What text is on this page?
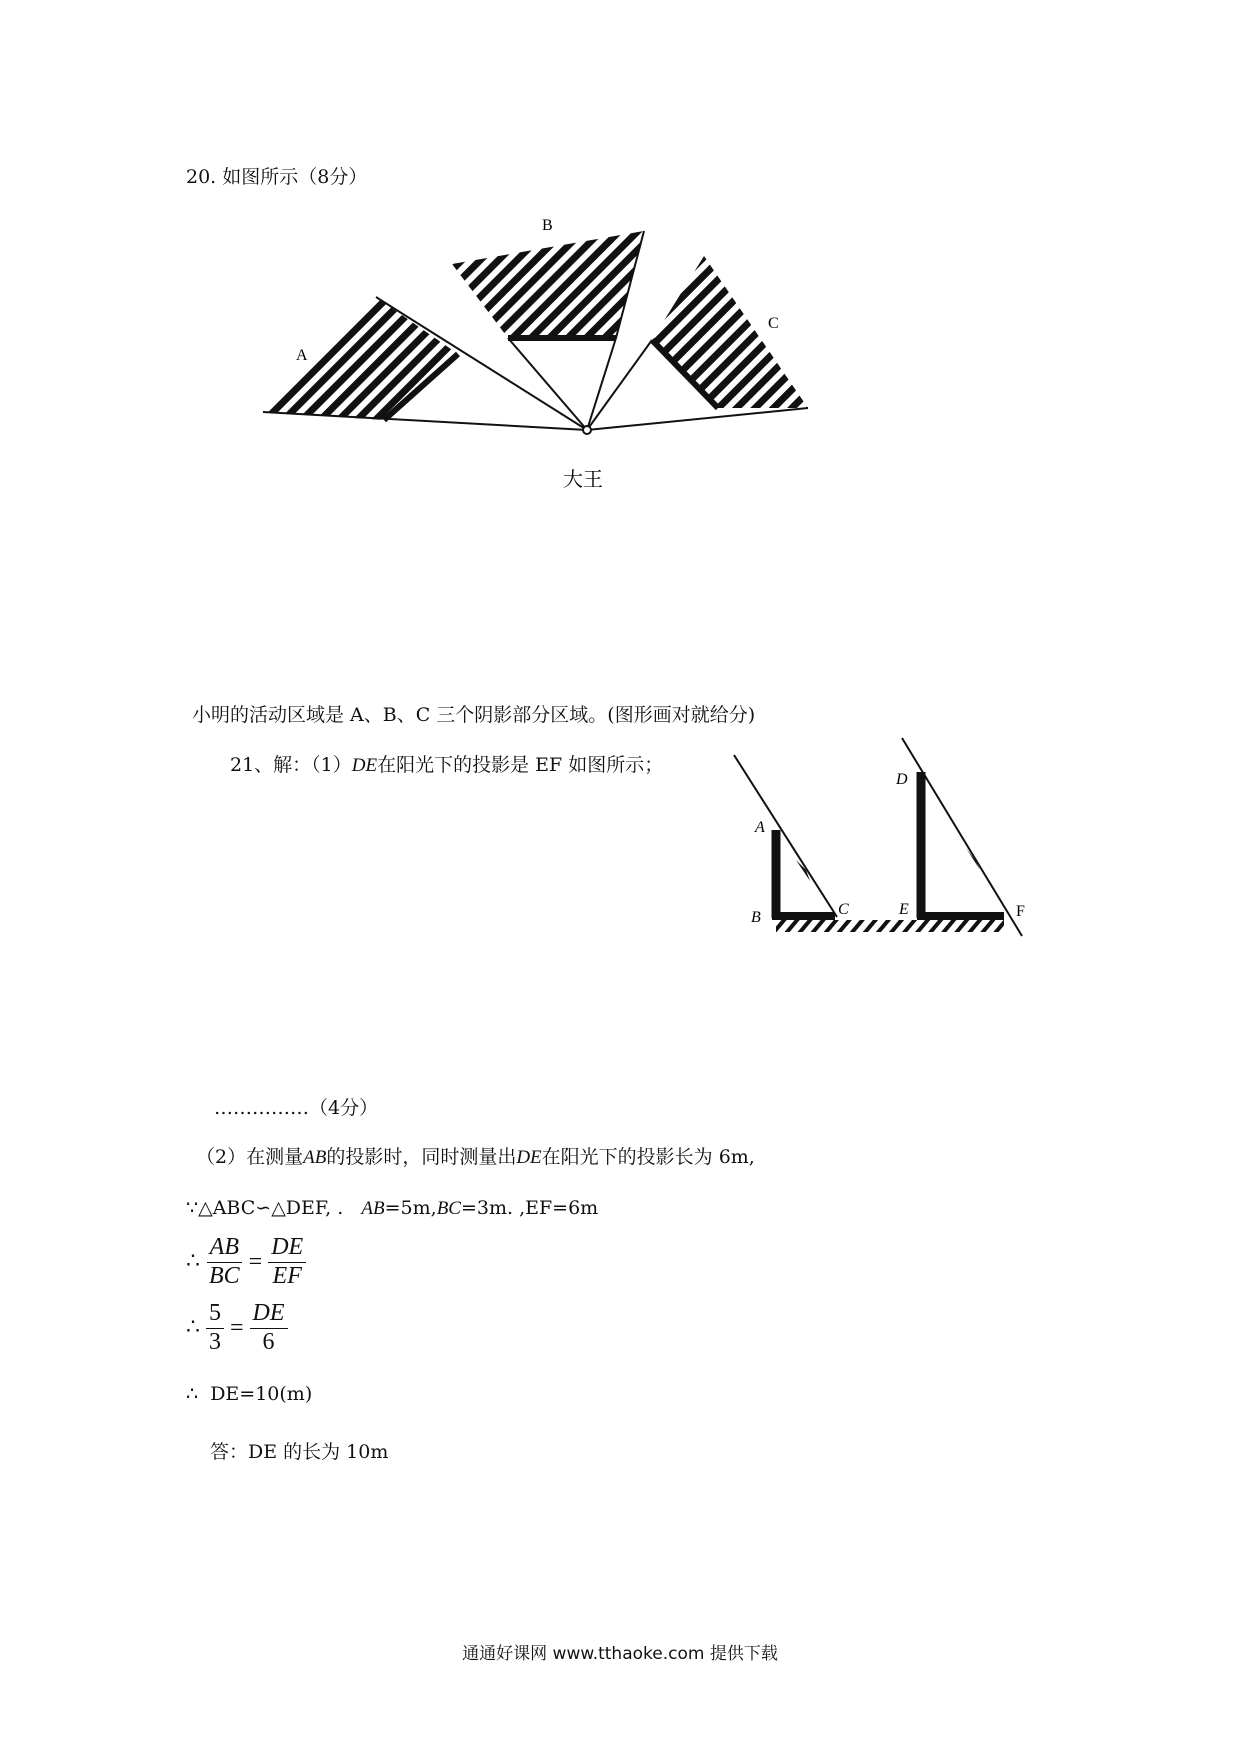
20. 如图所示（8分）
A
B
C
大王
A
B	C
D
E	F
小明的活动区域是 A、B、C 三个阴影部分区域。(图形画对就给分)
21、解：（1）DE在阳光下的投影是 EF 如图所示；
……………（4分）
（2）在测量AB的投影时，同时测量出DE在阳光下的投影长为 6m,
∵△ABC∽△DEF, . AB=5m,BC=3m. ,EF=6m
∴ $\frac{AB}{BC} = \frac{DE}{EF}$
∴ $\frac{5}{3} = \frac{DE}{6}$
∴ DE=10(m)
答：DE 的长为 10m
通通好课网 www.tthaoke.com 提供下载
